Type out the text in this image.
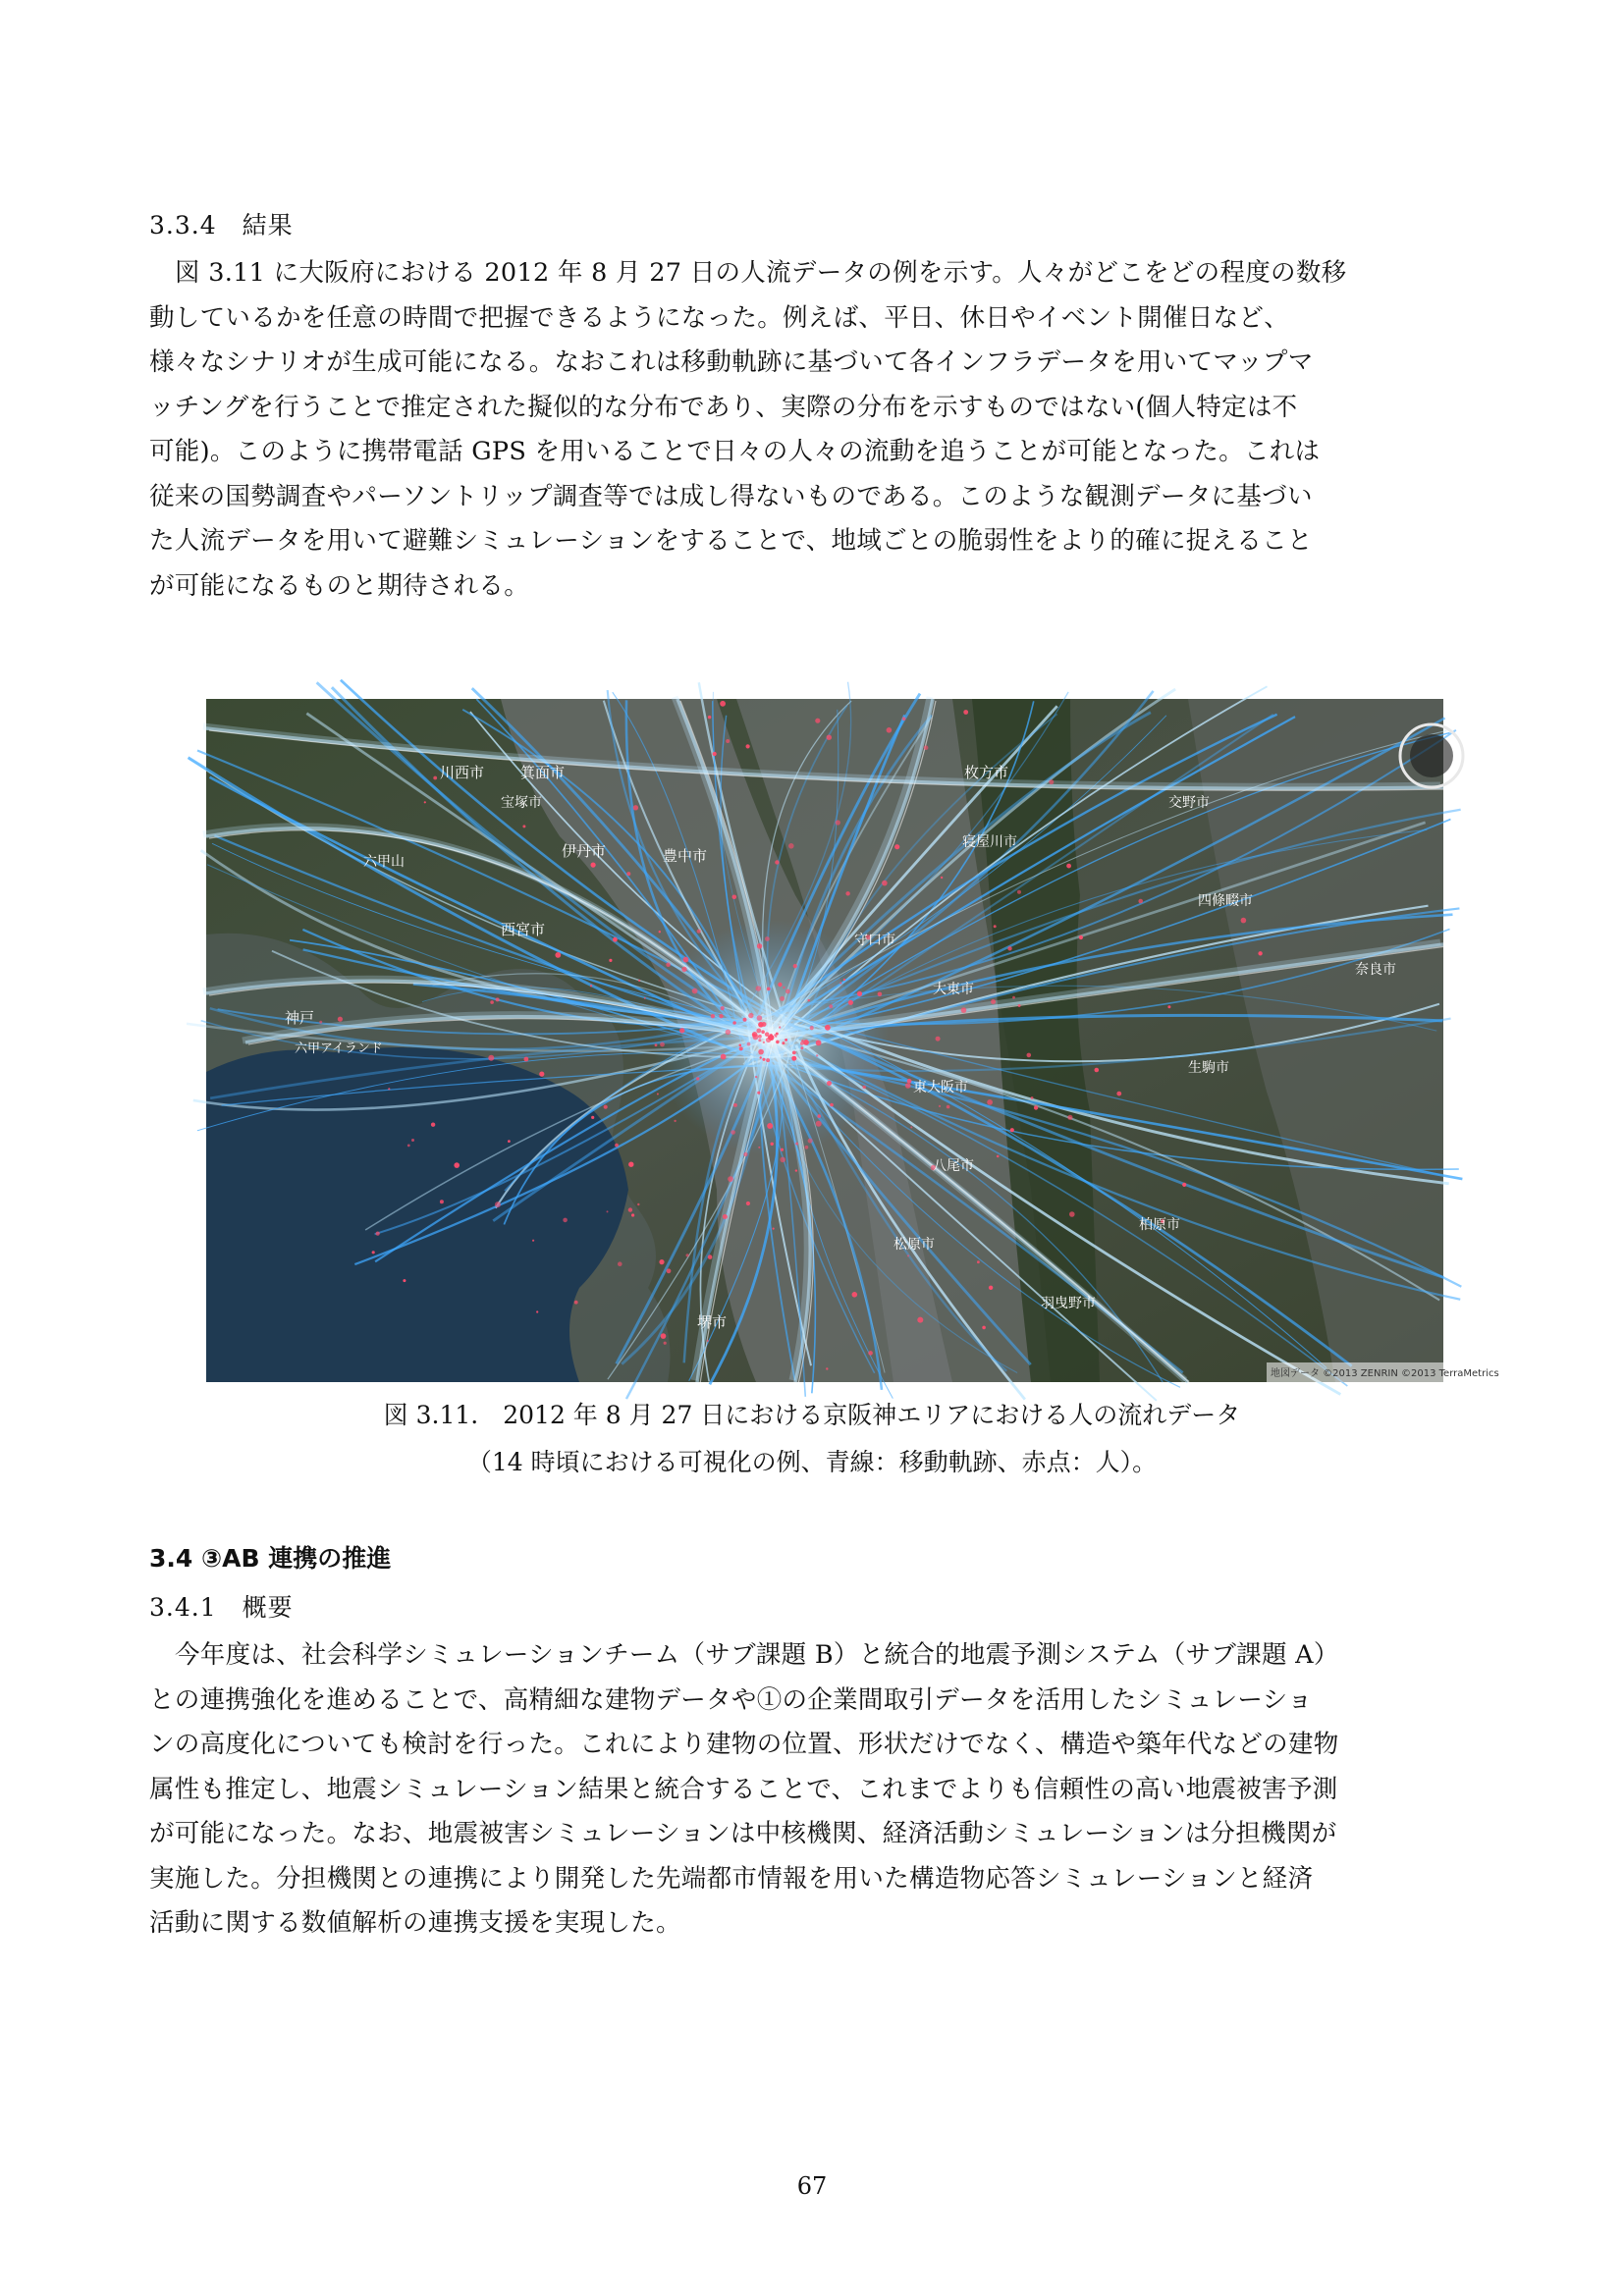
3.3.4　結果
図 3.11 に大阪府における 2012 年 8 月 27 日の人流データの例を示す。人々がどこをどの程度の数移
動しているかを任意の時間で把握できるようになった。例えば、平日、休日やイベント開催日など、
様々なシナリオが生成可能になる。なおこれは移動軌跡に基づいて各インフラデータを用いてマップマ
ッチングを行うことで推定された擬似的な分布であり、実際の分布を示すものではない(個人特定は不
可能)。このように携帯電話 GPS を用いることで日々の人々の流動を追うことが可能となった。これは
従来の国勢調査やパーソントリップ調査等では成し得ないものである。このような観測データに基づい
た人流データを用いて避難シミュレーションをすることで、地域ごとの脆弱性をより的確に捉えること
が可能になるものと期待される。
川西市 箕面市	枚方市
六甲山
伊丹市	豊中市
宝塚市
西宮市
神戸
六甲アイランド
寝屋川市
守口市
交野市
四條畷市
大東市
東大阪市
八尾市
松原市
堺市
羽曳野市
柏原市
生駒市
奈良市
地図データ ©2013 ZENRIN ©2013 TerraMetrics
図 3.11.　2012 年 8 月 27 日における京阪神エリアにおける人の流れデータ
（14 時頃における可視化の例、青線：移動軌跡、赤点：人）。
3.4 ③AB 連携の推進
3.4.1　概要
今年度は、社会科学シミュレーションチーム（サブ課題 B）と統合的地震予測システム（サブ課題 A）
との連携強化を進めることで、高精細な建物データや①の企業間取引データを活用したシミュレーショ
ンの高度化についても検討を行った。これにより建物の位置、形状だけでなく、構造や築年代などの建物
属性も推定し、地震シミュレーション結果と統合することで、これまでよりも信頼性の高い地震被害予測
が可能になった。なお、地震被害シミュレーションは中核機関、経済活動シミュレーションは分担機関が
実施した。分担機関との連携により開発した先端都市情報を用いた構造物応答シミュレーションと経済
活動に関する数値解析の連携支援を実現した。
67
